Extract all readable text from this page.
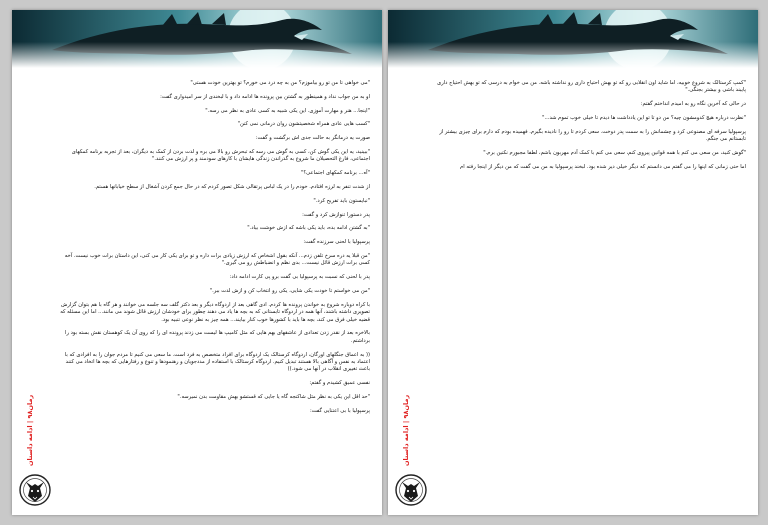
"می خواهی تا من تو رو بیاموزم؟ من به چه درد می خورم؟ تو بهترین خودت هستی"

او به من جواب نداد و همینطور به گشتن بین پرونده ها ادامه داد و با لبخندی از سر امیدواری گفت:

"اینجا... هنر و مهارت آموزی. این یکی شبیه به کسی عادی به نظر می رسه."

"کسب هایی عادی همراه شخصیتشون روان درمانی نمی کنن"

صورت یه درمانگر به حالت جدی اش برگشت و گفت:

"ببینید، یه این یکی گوش کن، کسی به گوش می رسه که تبحرش رو بالا می بره و لذت بردن از کمک به دیگران، بعد از تجربه برنامه کمکهای اجتماعی، فارغ التحصیلان ما شروع به گذراندن زندگی هایشان با کارهای سودمند و پر ارزش می کنند."

"آه... برنامه کمکهای اجتماعی؟"

از شدت تنفر به لرزه افتادم. خودم را در یک لباس پرتقالی شکل تصور کردم که در حال جمع کردن آشغال از سطح خیابانها هستم.

"نبایستون باید تفریح کرد."

پدر دستورا تنوازش کرد و گفت:

"به گشتن ادامه بده، باید یکی باشه که ازش خوشت بیاد."

پرسپولیا با لحنی سرزنده گفت:

"من قبلا یه دره سرخ تلفن زدم... آنکه بقول اشخاص که ارزش زیادی برات داره و تو برای یکی کار می کنی، این داستان برات خوب نیست. آخه کسی برات ارزش قائل نیست... بدی نظم و انضباطش رو می گیری."

پدر با لحنی که نسبت به پرسپولیا بی گفت برو پی کارت ادامه داد:

"من می خواستم تا خودت یکی شایی، یکی رو انتخاب کن و ازش لذت ببر."

با کراه دوباره شروع به خواندن پرونده ها کردم. ادی گاهی بعد از اردوگاه دیگر و بعد دکتر گلف سه جلسه می خوانند و هر گاه با هم بتوان گزارش تصویری داشته باشند، آنها همه در اردوگاه تابستانی که به بچه ها یاد می دهند چطور برای خودشان ارزش قائل شوند می مانند... اما این مسئله که قضیه خیلی فرق می کند، بچه ها باید با کشورها خوب کنار بیایند... همه چیز به نظر نوعی تنبیه بود.

بالاخره بعد از نقدر زدن تعدادی از عاشقهای بهم هایی که مثل کامیپ ها لیست می زدند پرونده ای را که روی آن یک کوهستان نقش بسته بود را برداشتم.

(( به اعماق جنگلهای اورگان، اردوگاه کرستالک یک اردوگاه برای افراد متخصص به فرد است. ما سعی می کنیم تا مردم جوان را به افرادی که با اعتماد به نفس و آگاهی بالا هستند تبدیل کنیم. اردوگاه کرستالک با استفاده از مددجویان و رهنمودها و تنوع و رفتارهایی که بچه ها اتخاذ می کنند باعث تغییری انقلاب در آنها می شود.))

نفسی عمیق کشیدم و گفتم:

"حد اقل این یکی به نظر مثل شاکنجه گاه یا جایی که قستشو بهش مقاومت بدن نمیرسه."

پرسپولیا با بی اعتنایی گفت:

رمان۹۸ | ادامه داستان

"کمپ کرستالک به شروع خوبیه، اما شاید اون انقلابی رو که تو بهش احتیاج داری رو نداشته باشه. من می خوام به درسی که تو بهش احتیاج داری پایبند باشی و بیشتر بجنگی."

در حالی که آخرین نگاه رو به امیدم انداختم گفتم:

"نظرت درباره هیچ کدومشون چیه؟ من دو تا تو این یادداشت ها دیدم تا خیلی خوب تموم شد..."

پرسپولیا سرفه ای مصنوعی کرد و چشمانش را به سمت پدر دوخت. سعی کردم تا رو را نادیده بگیرم. فهمیده بودم که دارم برای چیزی بیشتر از تابستانم می جنگم.

"گوش کنید، من سعی می کنم با همه قوانین پیروی کنم، سعی می کنم با کمک آدم مهربون باشم، لطفا مجبورم نکنین برم."

اما حتی زمانی که اینها را می گفتم می دانستم که دیگر خیلی دیر شده بود. لبخند پرسپولیا به من می گفت که من دیگر از اینجا رفته ام

رمان۹۸ | ادامه داستان
